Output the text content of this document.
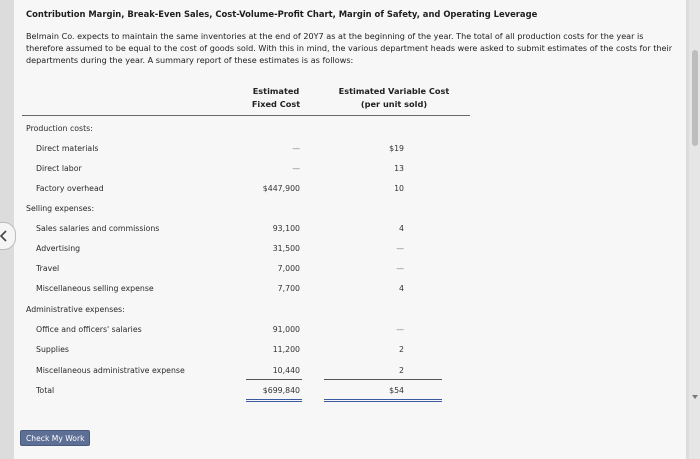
Contribution Margin, Break-Even Sales, Cost-Volume-Profit Chart, Margin of Safety, and Operating Leverage
Belmain Co. expects to maintain the same inventories at the end of 20Y7 as at the beginning of the year. The total of all production costs for the year is therefore assumed to be equal to the cost of goods sold. With this in mind, the various department heads were asked to submit estimates of the costs for their departments during the year. A summary report of these estimates is as follows:
Estimated
Fixed Cost
Estimated Variable Cost
(per unit sold)
Production costs:
Direct materials	—	$19
Direct labor	—	13
Factory overhead	$447,900	10
Selling expenses:
Sales salaries and commissions	93,100	4
Advertising	31,500	—
Travel	7,000	—
Miscellaneous selling expense	7,700	4
Administrative expenses:
Office and officers' salaries	91,000	—
Supplies	11,200	2
Miscellaneous administrative expense	10,440	2
Total	$699,840	$54
Check My Work
